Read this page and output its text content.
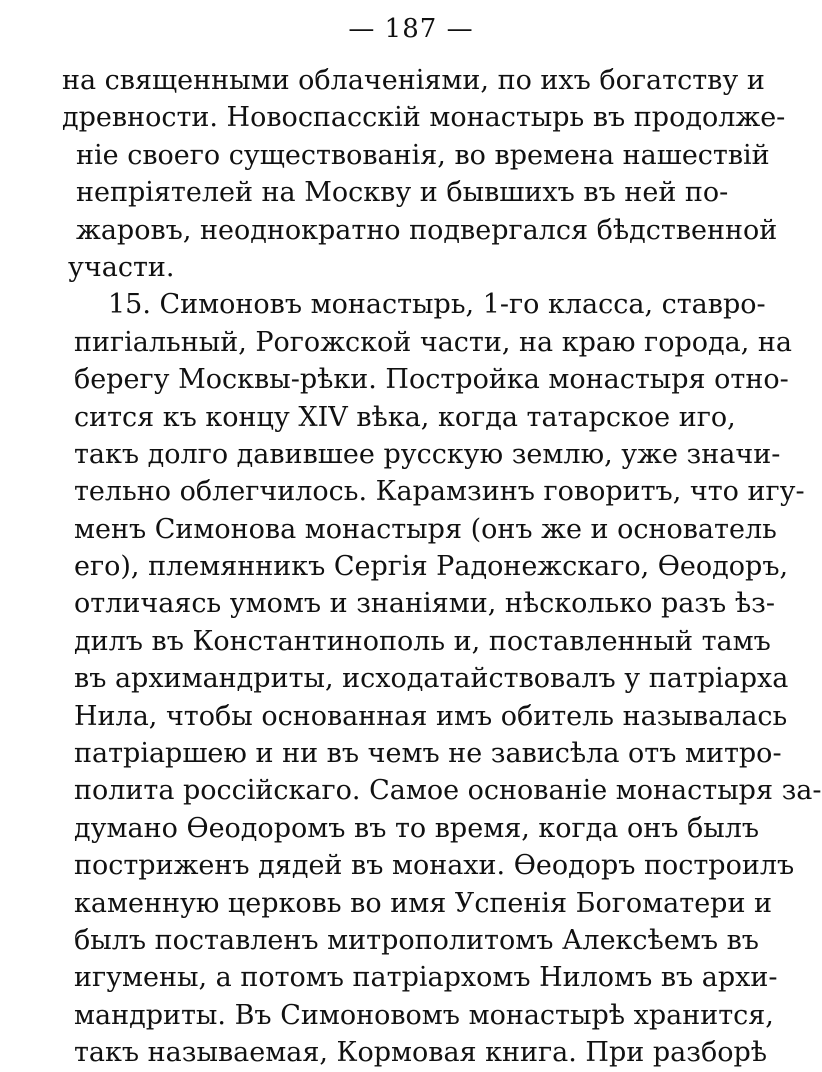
— 187 —
на священными облаченіями, по ихъ богатству и
древности. Новоспасскій монастырь въ продолже-
ніе своего существованія, во времена нашествій
непріятелей на Москву и бывшихъ въ ней по-
жаровъ, неоднократно подвергался бѣдственной
участи.
15. Симоновъ монастырь, 1-го класса, ставро-
пигіальный, Рогожской части, на краю города, на
берегу Москвы-рѣки. Постройка монастыря отно-
сится къ концу XIV вѣка, когда татарское иго,
такъ долго давившее русскую землю, уже значи-
тельно облегчилось. Карамзинъ говоритъ, что игу-
менъ Симонова монастыря (онъ же и основатель
его), племянникъ Сергія Радонежскаго, Ѳеодоръ,
отличаясь умомъ и знаніями, нѣсколько разъ ѣз-
дилъ въ Константинополь и, поставленный тамъ
въ архимандриты, исходатайствовалъ у патріарха
Нила, чтобы основанная имъ обитель называлась
патріаршею и ни въ чемъ не зависѣла отъ митро-
полита россійскаго. Самое основаніе монастыря за-
думано Ѳеодоромъ въ то время, когда онъ былъ
постриженъ дядей въ монахи. Ѳеодоръ построилъ
каменную церковь во имя Успенія Богоматери и
былъ поставленъ митрополитомъ Алексѣемъ въ
игумены, а потомъ патріархомъ Ниломъ въ архи-
мандриты. Въ Симоновомъ монастырѣ хранится,
такъ называемая, Кормовая книга. При разборѣ
